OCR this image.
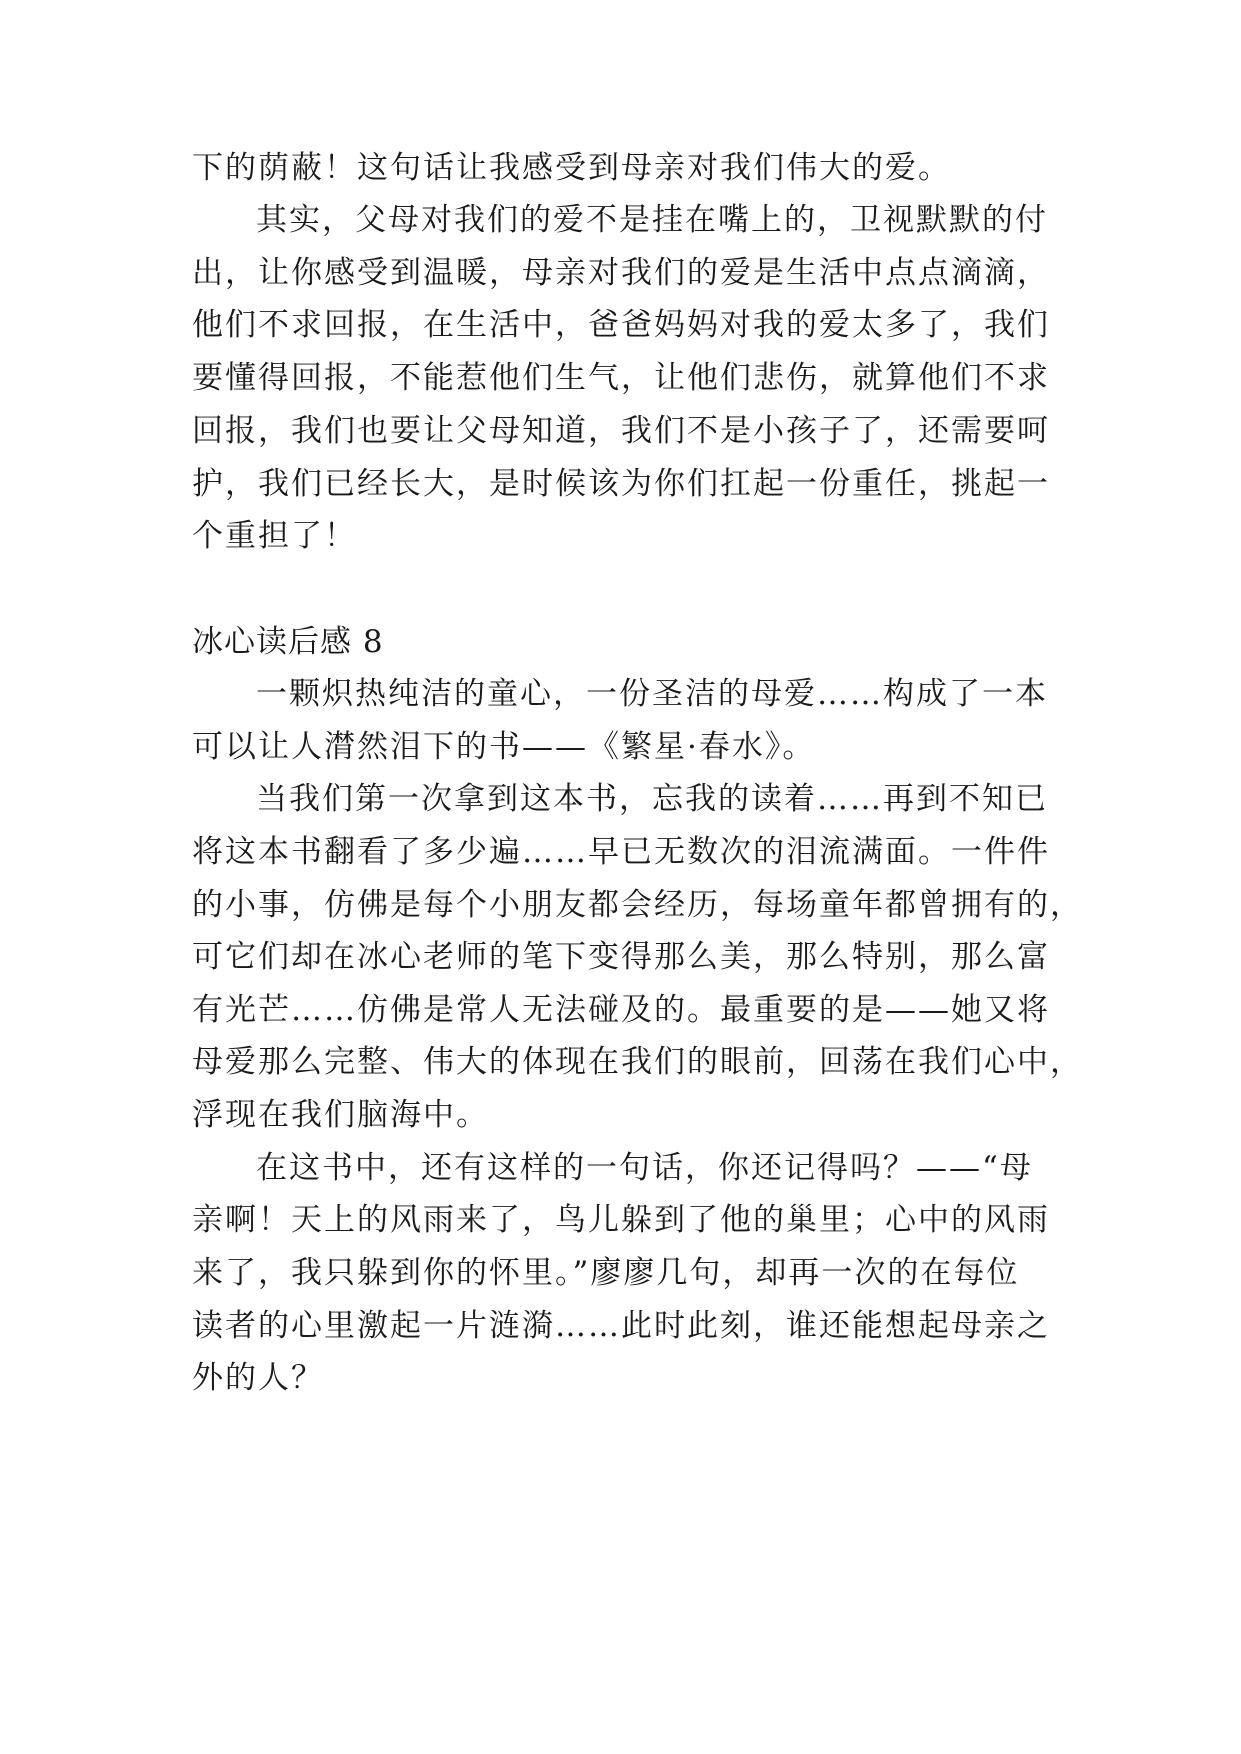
下的荫蔽！这句话让我感受到母亲对我们伟大的爱。
其实，父母对我们的爱不是挂在嘴上的，卫视默默的付
出，让你感受到温暖，母亲对我们的爱是生活中点点滴滴，
他们不求回报，在生活中，爸爸妈妈对我的爱太多了，我们
要懂得回报，不能惹他们生气，让他们悲伤，就算他们不求
回报，我们也要让父母知道，我们不是小孩子了，还需要呵
护，我们已经长大，是时候该为你们扛起一份重任，挑起一
个重担了！
冰心读后感 8
一颗炽热纯洁的童心，一份圣洁的母爱……构成了一本
可以让人潸然泪下的书——《繁星·春水》。
当我们第一次拿到这本书，忘我的读着……再到不知已
将这本书翻看了多少遍……早已无数次的泪流满面。一件件
的小事，仿佛是每个小朋友都会经历，每场童年都曾拥有的，
可它们却在冰心老师的笔下变得那么美，那么特别，那么富
有光芒……仿佛是常人无法碰及的。最重要的是——她又将
母爱那么完整、伟大的体现在我们的眼前，回荡在我们心中，
浮现在我们脑海中。
在这书中，还有这样的一句话，你还记得吗？——“母
亲啊！天上的风雨来了，鸟儿躲到了他的巢里；心中的风雨
来了，我只躲到你的怀里。”廖廖几句，却再一次的在每位
读者的心里激起一片涟漪……此时此刻，谁还能想起母亲之
外的人？
